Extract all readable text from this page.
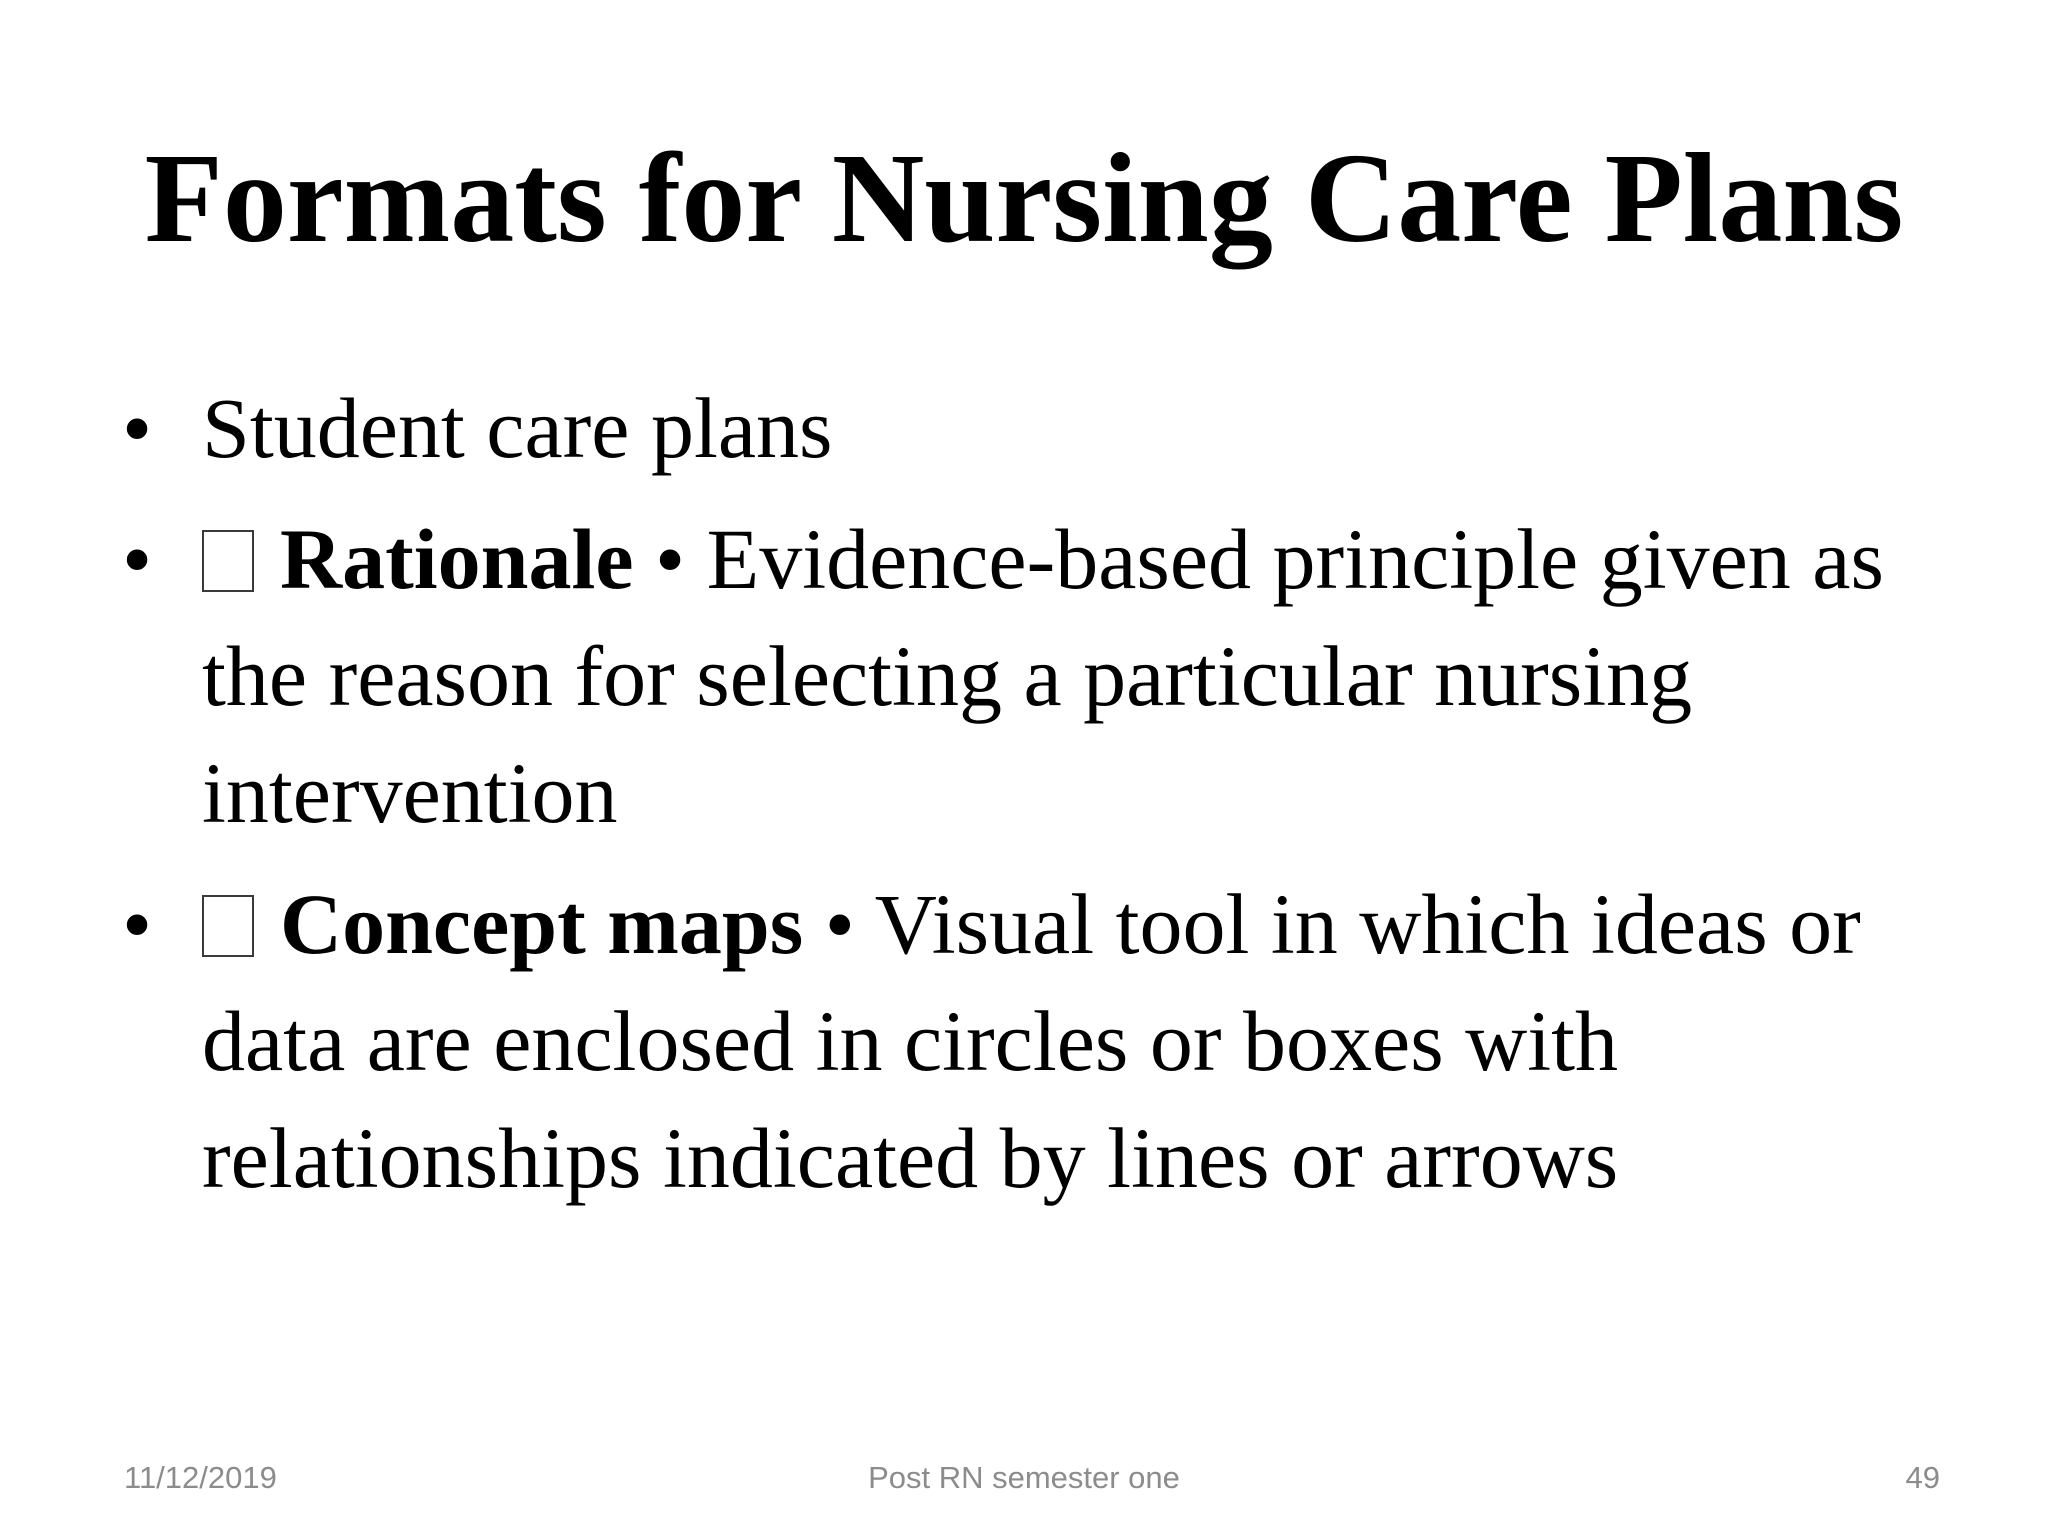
Formats for Nursing Care Plans
• Student care plans
•	Rationale • Evidence-based principle given as the reason for selecting a particular nursing intervention
•	Concept maps • Visual tool in which ideas or data are enclosed in circles or boxes with relationships indicated by lines or arrows
11/12/2019	Post RN semester one	49
